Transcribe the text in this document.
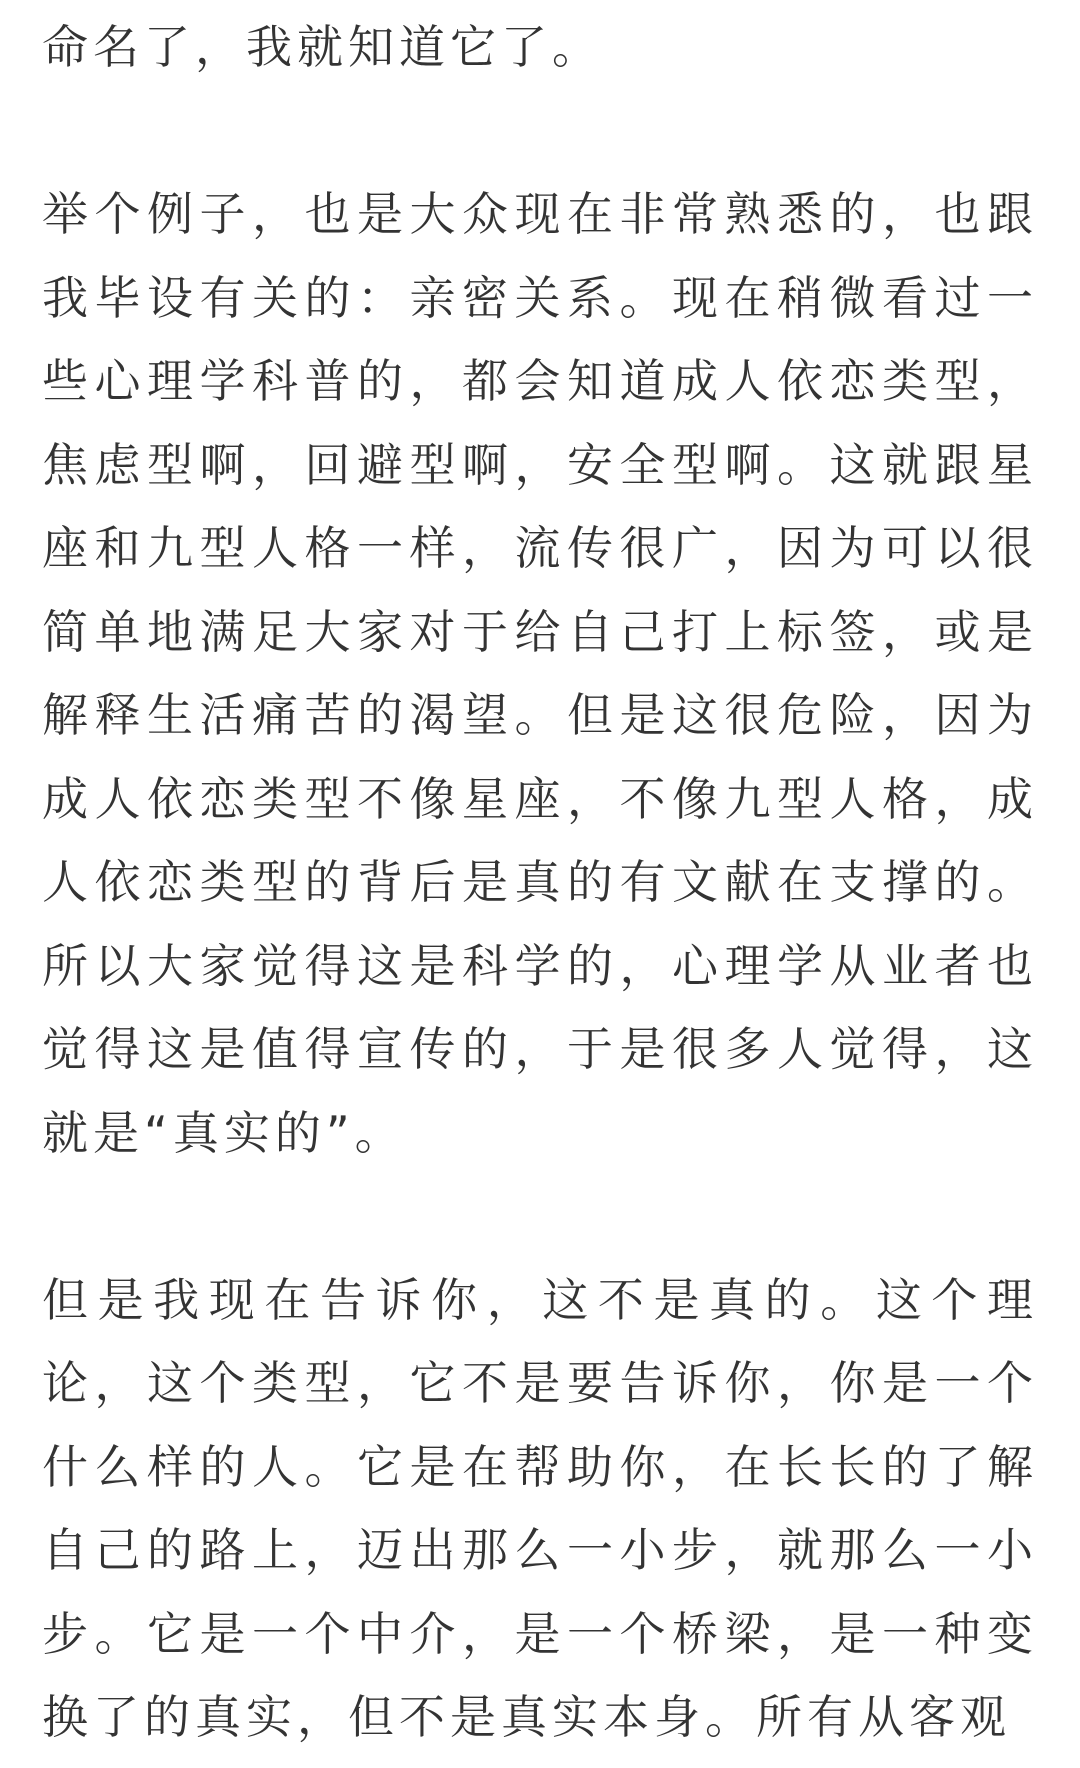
命名了，我就知道它了。

举个例子，也是大众现在非常熟悉的，也跟我毕设有关的：亲密关系。现在稍微看过一些心理学科普的，都会知道成人依恋类型，焦虑型啊，回避型啊，安全型啊。这就跟星座和九型人格一样，流传很广，因为可以很简单地满足大家对于给自己打上标签，或是解释生活痛苦的渴望。但是这很危险，因为成人依恋类型不像星座，不像九型人格，成人依恋类型的背后是真的有文献在支撑的。所以大家觉得这是科学的，心理学从业者也觉得这是值得宣传的，于是很多人觉得，这就是“真实的”。

但是我现在告诉你，这不是真的。这个理论，这个类型，它不是要告诉你，你是一个什么样的人。它是在帮助你，在长长的了解自己的路上，迈出那么一小步，就那么一小步。它是一个中介，是一个桥梁，是一种变换了的真实，但不是真实本身。所有从客观
